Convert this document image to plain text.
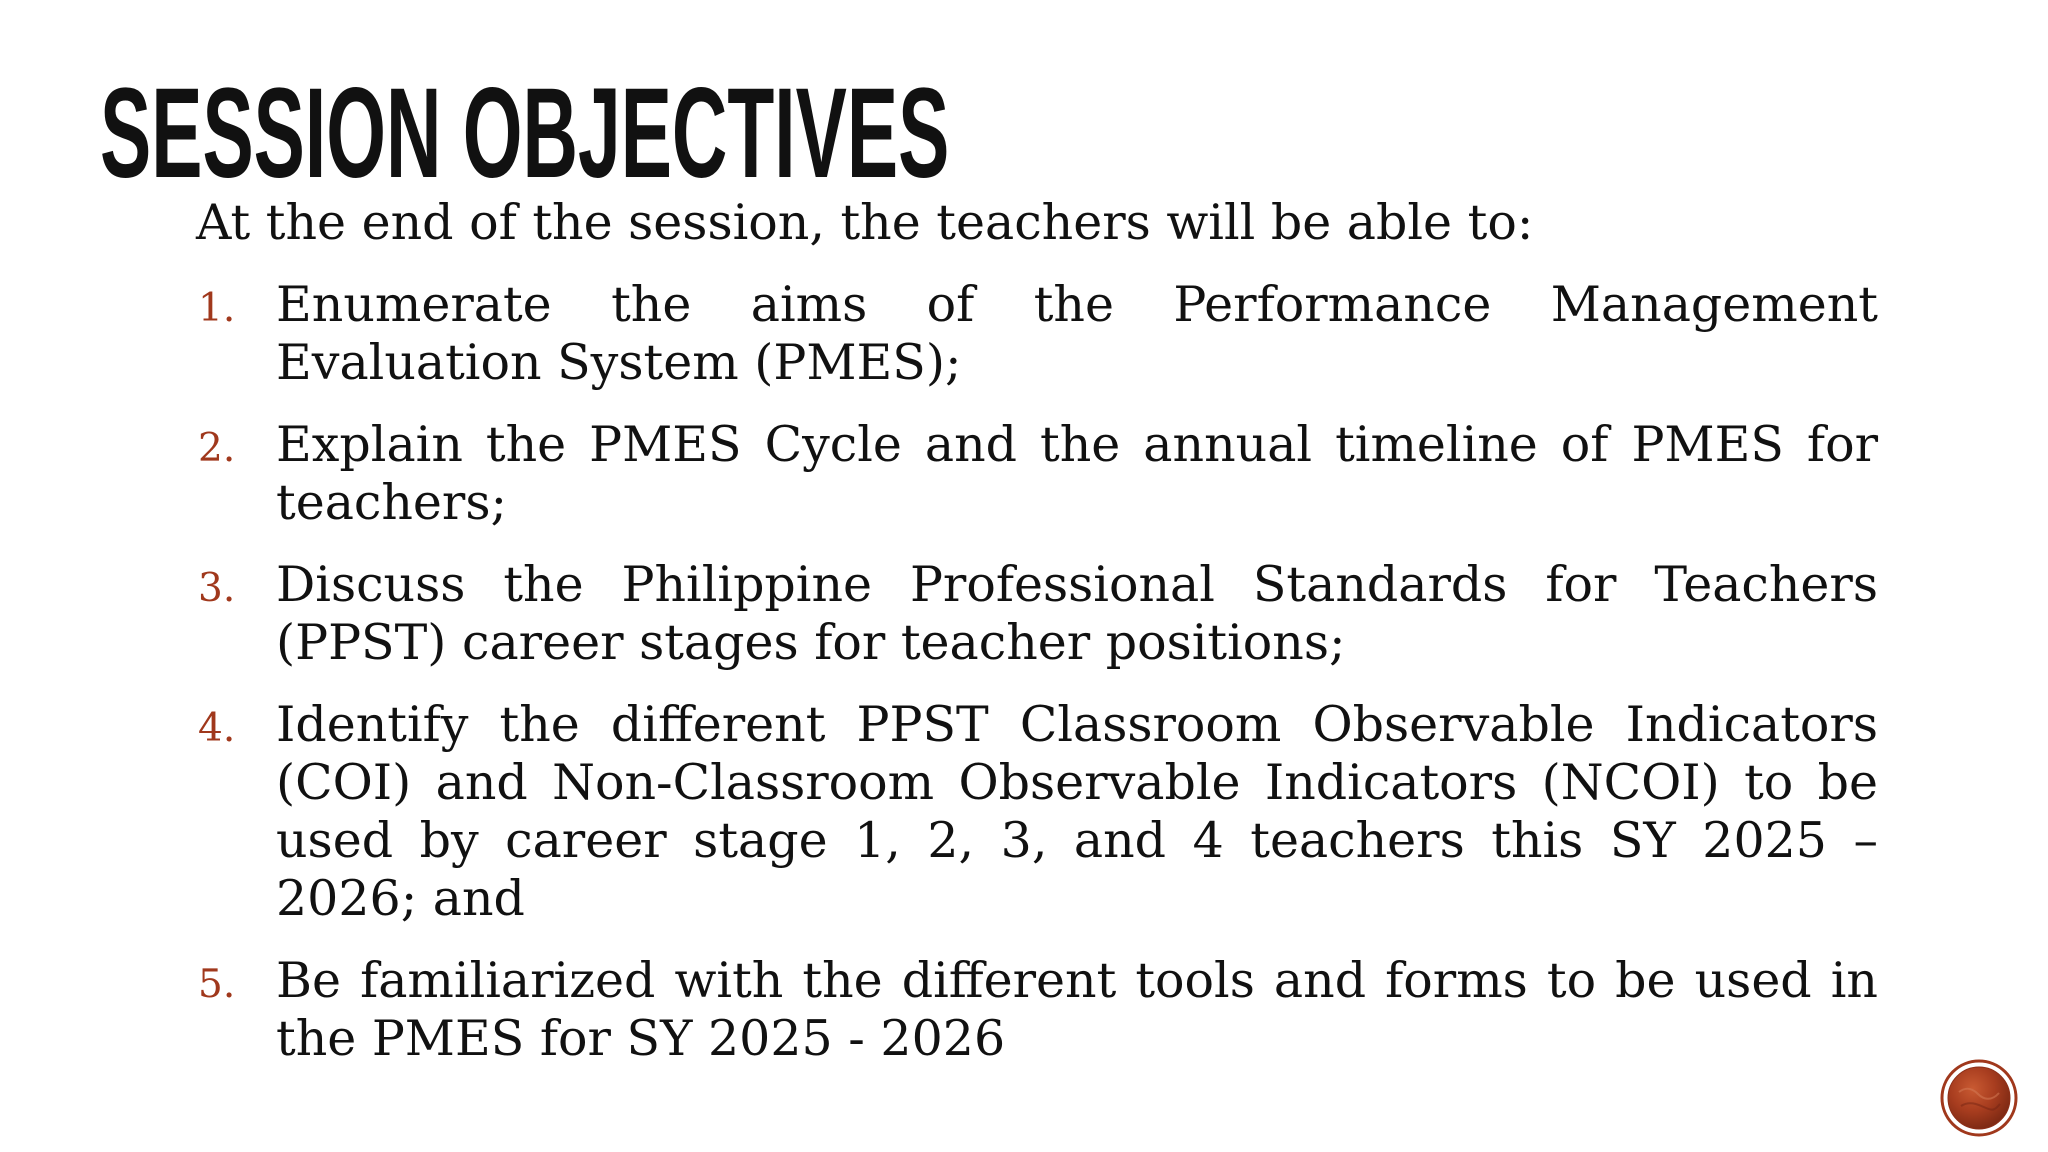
SESSION OBJECTIVES

At the end of the session, the teachers will be able to:

1. Enumerate the aims of the Performance Management Evaluation System (PMES);
2. Explain the PMES Cycle and the annual timeline of PMES for teachers;
3. Discuss the Philippine Professional Standards for Teachers (PPST) career stages for teacher positions;
4. Identify the different PPST Classroom Observable Indicators (COI) and Non-Classroom Observable Indicators (NCOI) to be used by career stage 1, 2, 3, and 4 teachers this SY 2025 – 2026; and
5. Be familiarized with the different tools and forms to be used in the PMES for SY 2025 - 2026
